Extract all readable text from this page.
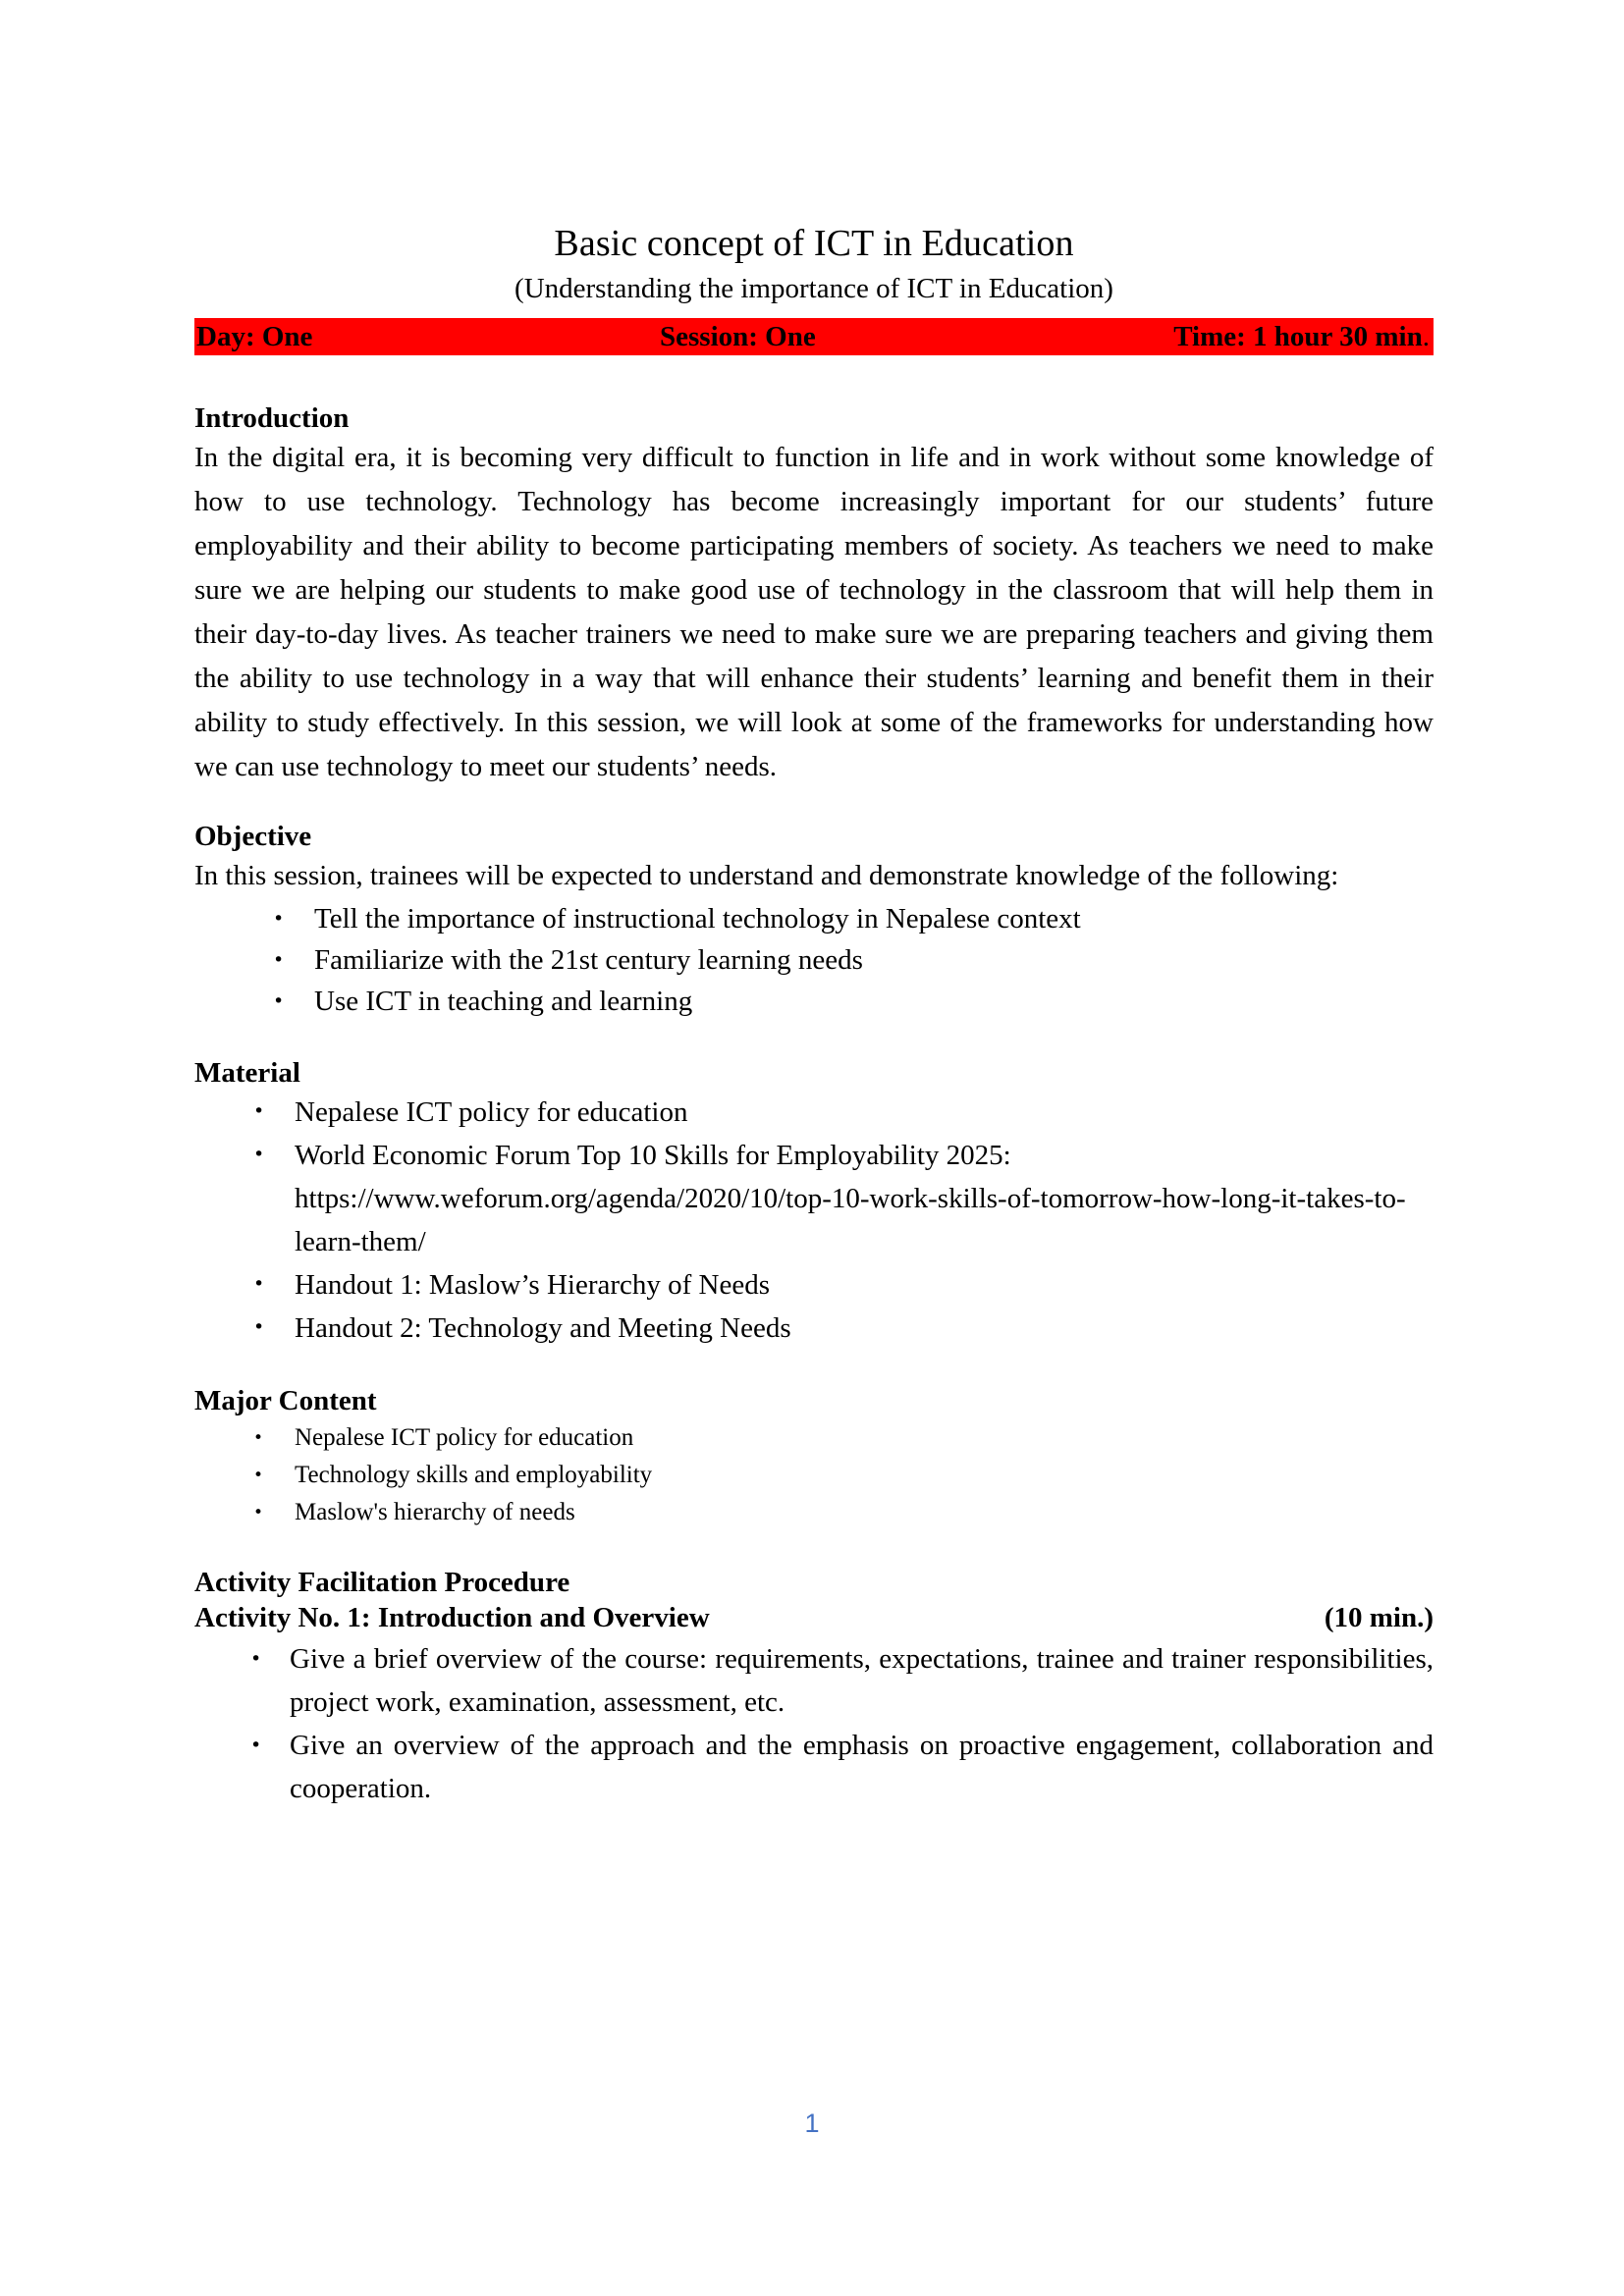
Basic concept of ICT in Education
(Understanding the importance of ICT in Education)
Day: One	Session: One	Time: 1 hour 30 min.
Introduction

In the digital era, it is becoming very difficult to function in life and in work without some knowledge of how to use technology. Technology has become increasingly important for our students’ future employability and their ability to become participating members of society. As teachers we need to make sure we are helping our students to make good use of technology in the classroom that will help them in their day-to-day lives. As teacher trainers we need to make sure we are preparing teachers and giving them the ability to use technology in a way that will enhance their students’ learning and benefit them in their ability to study effectively. In this session, we will look at some of the frameworks for understanding how we can use technology to meet our students’ needs.

Objective

In this session, trainees will be expected to understand and demonstrate knowledge of the following:

• Tell the importance of instructional technology in Nepalese context
• Familiarize with the 21st century learning needs
• Use ICT in teaching and learning
Material
• Nepalese ICT policy for education
• World Economic Forum Top 10 Skills for Employability 2025:
https://www.weforum.org/agenda/2020/10/top-10-work-skills-of-tomorrow-how-long-it-takes-to-learn-them/
• Handout 1: Maslow’s Hierarchy of Needs
• Handout 2: Technology and Meeting Needs
Major Content
• Nepalese ICT policy for education
• Technology skills and employability
• Maslow's hierarchy of needs
Activity Facilitation Procedure
Activity No. 1: Introduction and Overview	(10 min.)
• Give a brief overview of the course: requirements, expectations, trainee and trainer responsibilities, project work, examination, assessment, etc.
• Give an overview of the approach and the emphasis on proactive engagement, collaboration and cooperation.
1
